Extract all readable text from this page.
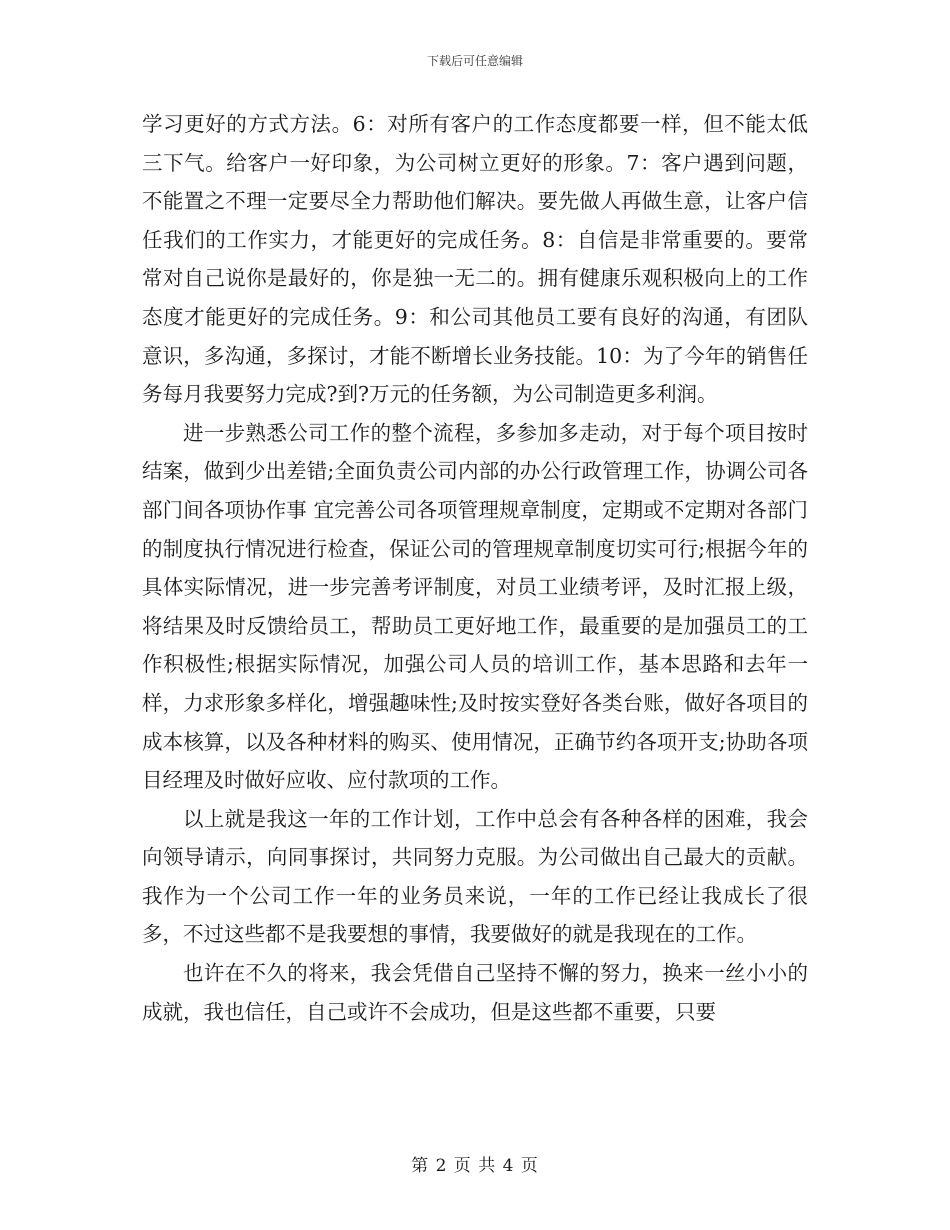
下载后可任意编辑

学习更好的方式方法。6：对所有客户的工作态度都要一样，但不能太低三下气。给客户一好印象，为公司树立更好的形象。7：客户遇到问题，不能置之不理一定要尽全力帮助他们解决。要先做人再做生意，让客户信任我们的工作实力，才能更好的完成任务。8：自信是非常重要的。要常常对自己说你是最好的，你是独一无二的。拥有健康乐观积极向上的工作态度才能更好的完成任务。9：和公司其他员工要有良好的沟通，有团队意识，多沟通，多探讨，才能不断增长业务技能。10：为了今年的销售任务每月我要努力完成?到?万元的任务额，为公司制造更多利润。

进一步熟悉公司工作的整个流程，多参加多走动，对于每个项目按时结案，做到少出差错;全面负责公司内部的办公行政管理工作，协调公司各部门间各项协作事 宜完善公司各项管理规章制度，定期或不定期对各部门的制度执行情况进行检查，保证公司的管理规章制度切实可行;根据今年的具体实际情况，进一步完善考评制度，对员工业绩考评，及时汇报上级，将结果及时反馈给员工，帮助员工更好地工作，最重要的是加强员工的工作积极性;根据实际情况，加强公司人员的培训工作，基本思路和去年一样，力求形象多样化，增强趣味性;及时按实登好各类台账，做好各项目的成本核算，以及各种材料的购买、使用情况，正确节约各项开支;协助各项目经理及时做好应收、应付款项的工作。

以上就是我这一年的工作计划，工作中总会有各种各样的困难，我会向领导请示，向同事探讨，共同努力克服。为公司做出自己最大的贡献。 我作为一个公司工作一年的业务员来说，一年的工作已经让我成长了很多，不过这些都不是我要想的事情，我要做好的就是我现在的工作。

也许在不久的将来，我会凭借自己坚持不懈的努力，换来一丝小小的成就，我也信任，自己或许不会成功，但是这些都不重要，只要

第 2 页 共 4 页
